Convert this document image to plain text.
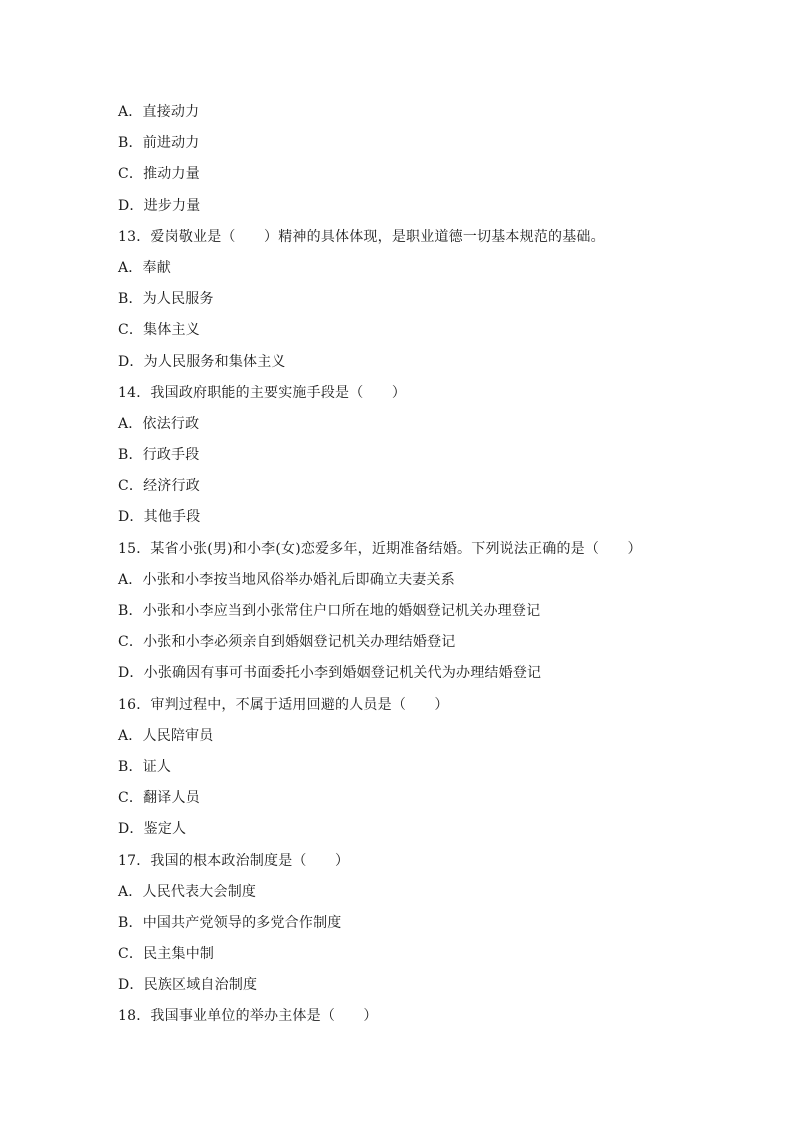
A．直接动力
B．前进动力
C．推动力量
D．进步力量
13．爱岗敬业是（　　）精神的具体体现，是职业道德一切基本规范的基础。
A．奉献
B．为人民服务
C．集体主义
D．为人民服务和集体主义
14．我国政府职能的主要实施手段是（　　）
A．依法行政
B．行政手段
C．经济行政
D．其他手段
15．某省小张(男)和小李(女)恋爱多年，近期准备结婚。下列说法正确的是（　　）
A．小张和小李按当地风俗举办婚礼后即确立夫妻关系
B．小张和小李应当到小张常住户口所在地的婚姻登记机关办理登记
C．小张和小李必须亲自到婚姻登记机关办理结婚登记
D．小张确因有事可书面委托小李到婚姻登记机关代为办理结婚登记
16．审判过程中，不属于适用回避的人员是（　　）
A．人民陪审员
B．证人
C．翻译人员
D．鉴定人
17．我国的根本政治制度是（　　）
A．人民代表大会制度
B．中国共产党领导的多党合作制度
C．民主集中制
D．民族区域自治制度
18．我国事业单位的举办主体是（　　）
